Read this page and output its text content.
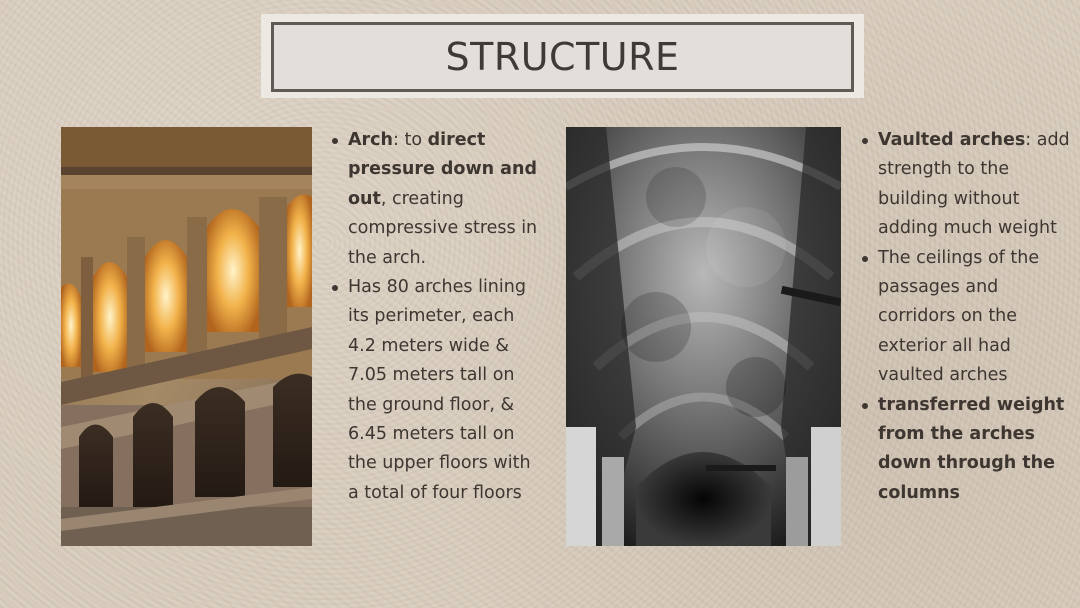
STRUCTURE
Arch: to direct pressure down and out, creating compressive stress in the arch.
Has 80 arches lining its perimeter, each 4.2 meters wide & 7.05 meters tall on the ground floor, & 6.45 meters tall on the upper floors with a total of four floors
Vaulted arches: add strength to the building without adding much weight
The ceilings of the passages and corridors on the exterior all had vaulted arches
transferred weight from the arches down through the columns
